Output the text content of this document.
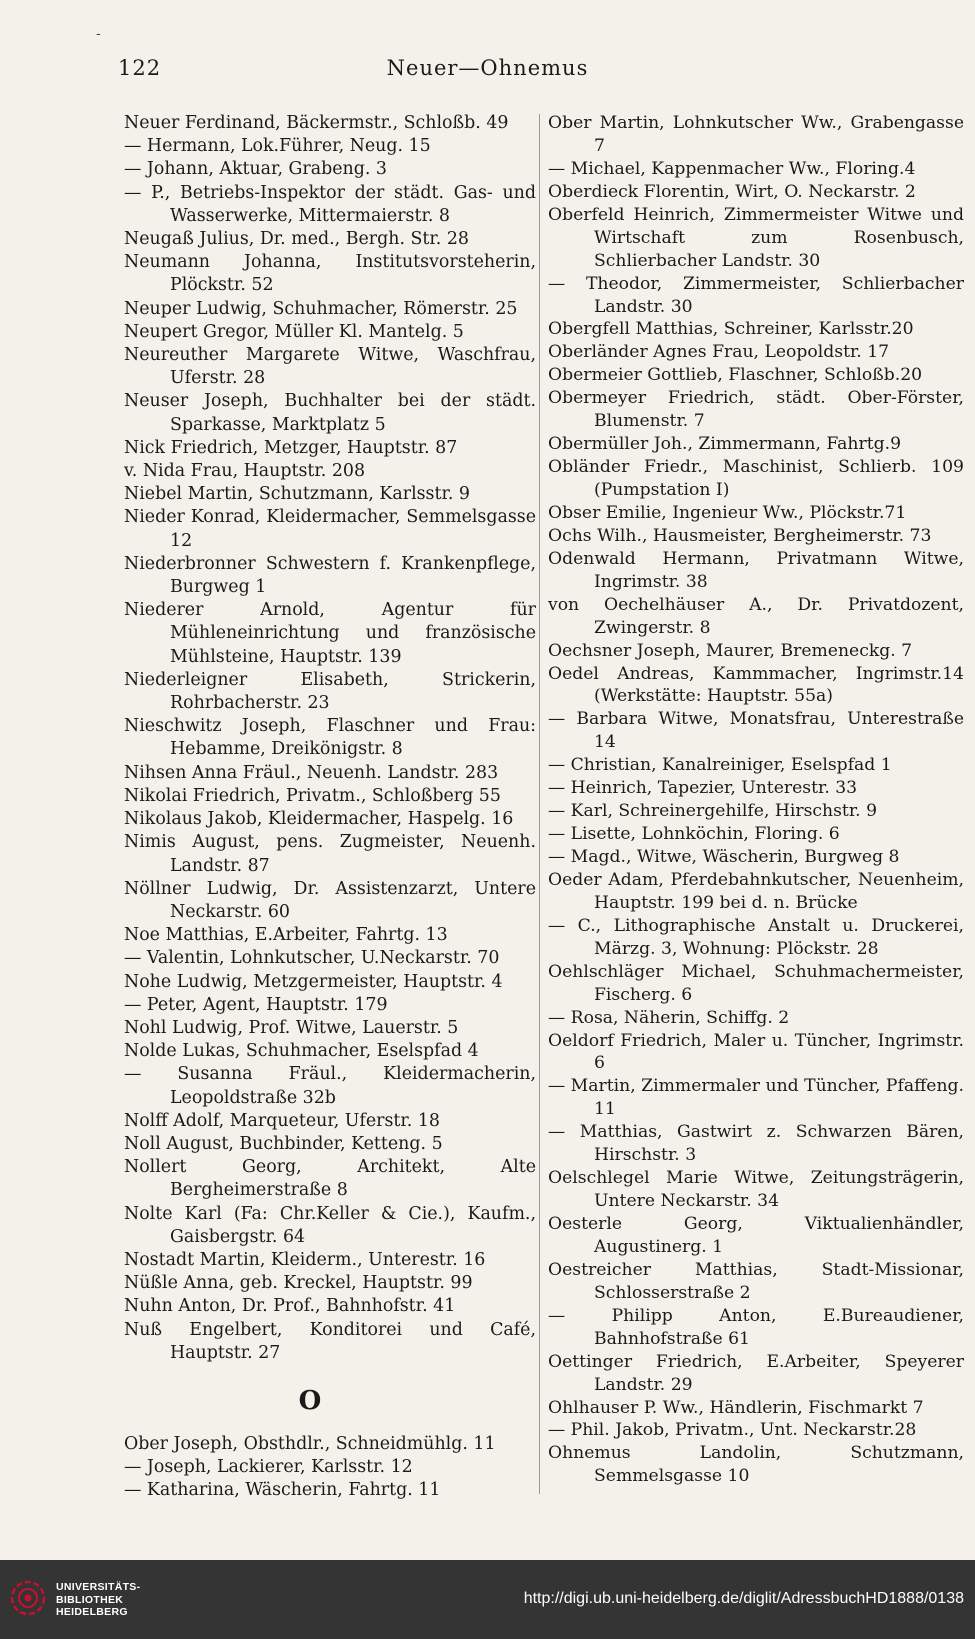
-
122	Neuer—Ohnemus

Neuer Ferdinand, Bäckermstr., Schloßb. 49

— Hermann, Lok.Führer, Neug. 15

— Johann, Aktuar, Grabeng. 3

— P., Betriebs-Inspektor der städt. Gas- und Wasserwerke, Mittermaierstr. 8

Neugaß Julius, Dr. med., Bergh. Str. 28

Neumann Johanna, Institutsvorsteherin, Plöckstr. 52

Neuper Ludwig, Schuhmacher, Römerstr. 25

Neupert Gregor, Müller Kl. Mantelg. 5

Neureuther Margarete Witwe, Waschfrau, Uferstr. 28

Neuser Joseph, Buchhalter bei der städt. Sparkasse, Marktplatz 5

Nick Friedrich, Metzger, Hauptstr. 87

v. Nida Frau, Hauptstr. 208

Niebel Martin, Schutzmann, Karlsstr. 9

Nieder Konrad, Kleidermacher, Semmelsgasse 12

Niederbronner Schwestern f. Krankenpflege, Burgweg 1

Niederer Arnold, Agentur für Mühleneinrichtung und französische Mühlsteine, Hauptstr. 139

Niederleigner Elisabeth, Strickerin, Rohrbacherstr. 23

Nieschwitz Joseph, Flaschner und Frau: Hebamme, Dreikönigstr. 8

Nihsen Anna Fräul., Neuenh. Landstr. 283

Nikolai Friedrich, Privatm., Schloßberg 55

Nikolaus Jakob, Kleidermacher, Haspelg. 16

Nimis August, pens. Zugmeister, Neuenh. Landstr. 87

Nöllner Ludwig, Dr. Assistenzarzt, Untere Neckarstr. 60

Noe Matthias, E.Arbeiter, Fahrtg. 13

— Valentin, Lohnkutscher, U.Neckarstr. 70

Nohe Ludwig, Metzgermeister, Hauptstr. 4

— Peter, Agent, Hauptstr. 179

Nohl Ludwig, Prof. Witwe, Lauerstr. 5

Nolde Lukas, Schuhmacher, Eselspfad 4

— Susanna Fräul., Kleidermacherin, Leopoldstraße 32b

Nolff Adolf, Marqueteur, Uferstr. 18

Noll August, Buchbinder, Ketteng. 5

Nollert Georg, Architekt, Alte Bergheimerstraße 8

Nolte Karl (Fa: Chr.Keller & Cie.), Kaufm., Gaisbergstr. 64

Nostadt Martin, Kleiderm., Unterestr. 16

Nüßle Anna, geb. Kreckel, Hauptstr. 99

Nuhn Anton, Dr. Prof., Bahnhofstr. 41

Nuß Engelbert, Konditorei und Café, Hauptstr. 27

O

Ober Joseph, Obsthdlr., Schneidmühlg. 11

— Joseph, Lackierer, Karlsstr. 12

— Katharina, Wäscherin, Fahrtg. 11

Ober Martin, Lohnkutscher Ww., Grabengasse 7

— Michael, Kappenmacher Ww., Floring.4

Oberdieck Florentin, Wirt, O. Neckarstr. 2

Oberfeld Heinrich, Zimmermeister Witwe und Wirtschaft zum Rosenbusch, Schlierbacher Landstr. 30

— Theodor, Zimmermeister, Schlierbacher Landstr. 30

Obergfell Matthias, Schreiner, Karlsstr.20

Oberländer Agnes Frau, Leopoldstr. 17

Obermeier Gottlieb, Flaschner, Schloßb.20

Obermeyer Friedrich, städt. Ober-Förster, Blumenstr. 7

Obermüller Joh., Zimmermann, Fahrtg.9

Obländer Friedr., Maschinist, Schlierb. 109 (Pumpstation I)

Obser Emilie, Ingenieur Ww., Plöckstr.71

Ochs Wilh., Hausmeister, Bergheimerstr. 73

Odenwald Hermann, Privatmann Witwe, Ingrimstr. 38

von Oechelhäuser A., Dr. Privatdozent, Zwingerstr. 8

Oechsner Joseph, Maurer, Bremeneckg. 7

Oedel Andreas, Kammmacher, Ingrimstr.14 (Werkstätte: Hauptstr. 55a)

— Barbara Witwe, Monatsfrau, Unterestraße 14

— Christian, Kanalreiniger, Eselspfad 1

— Heinrich, Tapezier, Unterestr. 33

— Karl, Schreinergehilfe, Hirschstr. 9

— Lisette, Lohnköchin, Floring. 6

— Magd., Witwe, Wäscherin, Burgweg 8

Oeder Adam, Pferdebahnkutscher, Neuenheim, Hauptstr. 199 bei d. n. Brücke

— C., Lithographische Anstalt u. Druckerei, Märzg. 3, Wohnung: Plöckstr. 28

Oehlschläger Michael, Schuhmachermeister, Fischerg. 6

— Rosa, Näherin, Schiffg. 2

Oeldorf Friedrich, Maler u. Tüncher, Ingrimstr. 6

— Martin, Zimmermaler und Tüncher, Pfaffeng. 11

— Matthias, Gastwirt z. Schwarzen Bären, Hirschstr. 3

Oelschlegel Marie Witwe, Zeitungsträgerin, Untere Neckarstr. 34

Oesterle Georg, Viktualienhändler, Augustinerg. 1

Oestreicher Matthias, Stadt-Missionar, Schlosserstraße 2

— Philipp Anton, E.Bureaudiener, Bahnhofstraße 61

Oettinger Friedrich, E.Arbeiter, Speyerer Landstr. 29

Ohlhauser P. Ww., Händlerin, Fischmarkt 7

— Phil. Jakob, Privatm., Unt. Neckarstr.28

Ohnemus Landolin, Schutzmann, Semmelsgasse 10

UNIVERSITÄTS-
BIBLIOTHEK
HEIDELBERG
http://digi.ub.uni-heidelberg.de/diglit/AdressbuchHD1888/0138
